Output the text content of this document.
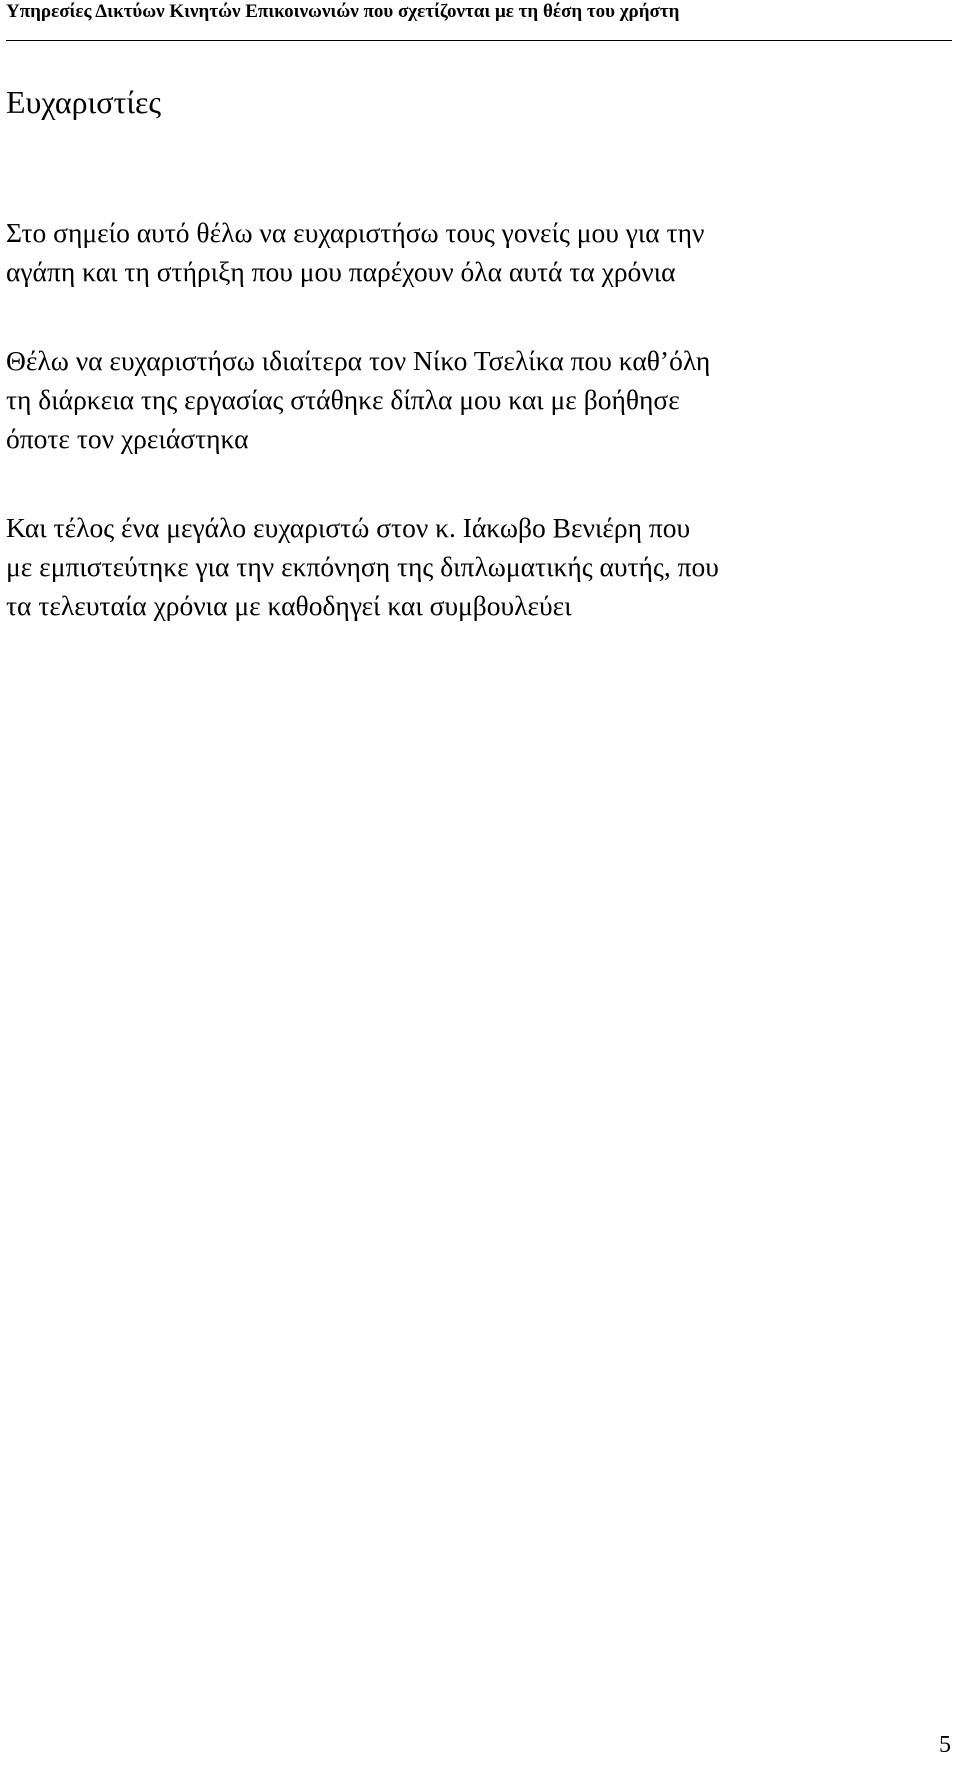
Υπηρεσίες Δικτύων Κινητών Επικοινωνιών που σχετίζονται με τη θέση του χρήστη
Ευχαριστίες
Στο σημείο αυτό θέλω να ευχαριστήσω τους γονείς μου για την
αγάπη και τη στήριξη που μου παρέχουν όλα αυτά τα χρόνια
Θέλω να ευχαριστήσω ιδιαίτερα τον Νίκο Τσελίκα που καθ’όλη
τη διάρκεια της εργασίας στάθηκε δίπλα μου και με βοήθησε
όποτε τον χρειάστηκα
Και τέλος ένα μεγάλο ευχαριστώ στον κ. Ιάκωβο Βενιέρη που
με εμπιστεύτηκε για την εκπόνηση της διπλωματικής αυτής, που
τα τελευταία χρόνια με καθοδηγεί και συμβουλεύει
5
